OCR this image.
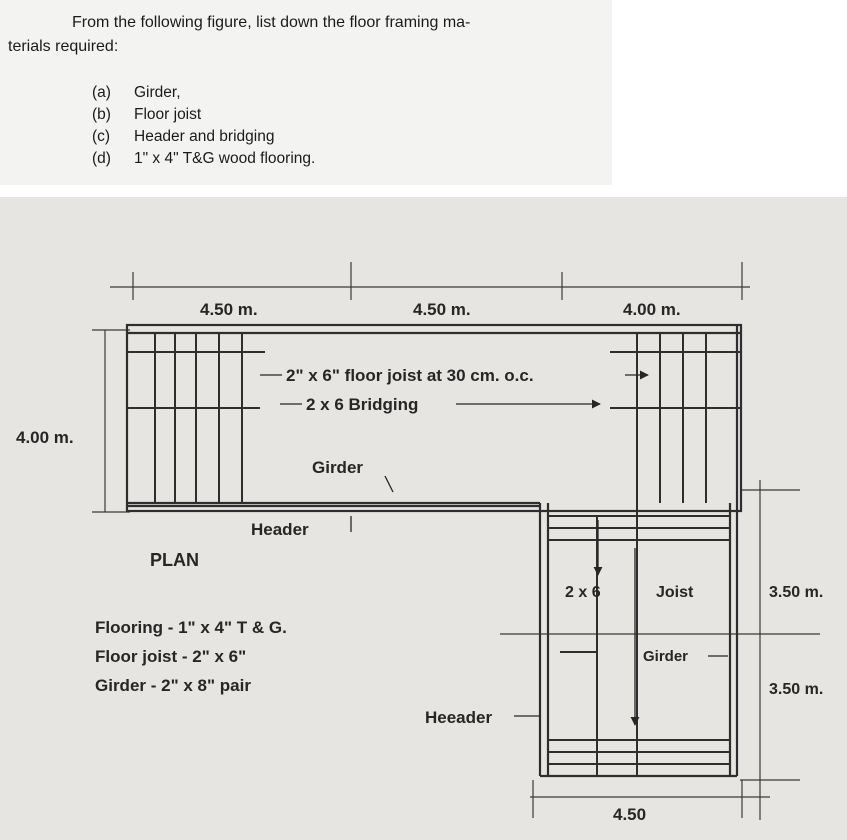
From the following figure, list down the floor framing ma-
terials required:
(a) Girder,
(b) Floor joist
(c) Header and bridging
(d) 1" x 4" T&G wood flooring.
4.50 m.	4.50 m.	4.00 m.
4.00 m.
3.50 m.
3.50 m.
4.50
2" x 6" floor joist at 30 cm. o.c.
2 x 6 Bridging
Girder
Header
PLAN
2 x 6	Joist
Girder
Heeader
Flooring - 1" x 4" T & G.
Floor joist - 2" x 6"
Girder - 2" x 8" pair
